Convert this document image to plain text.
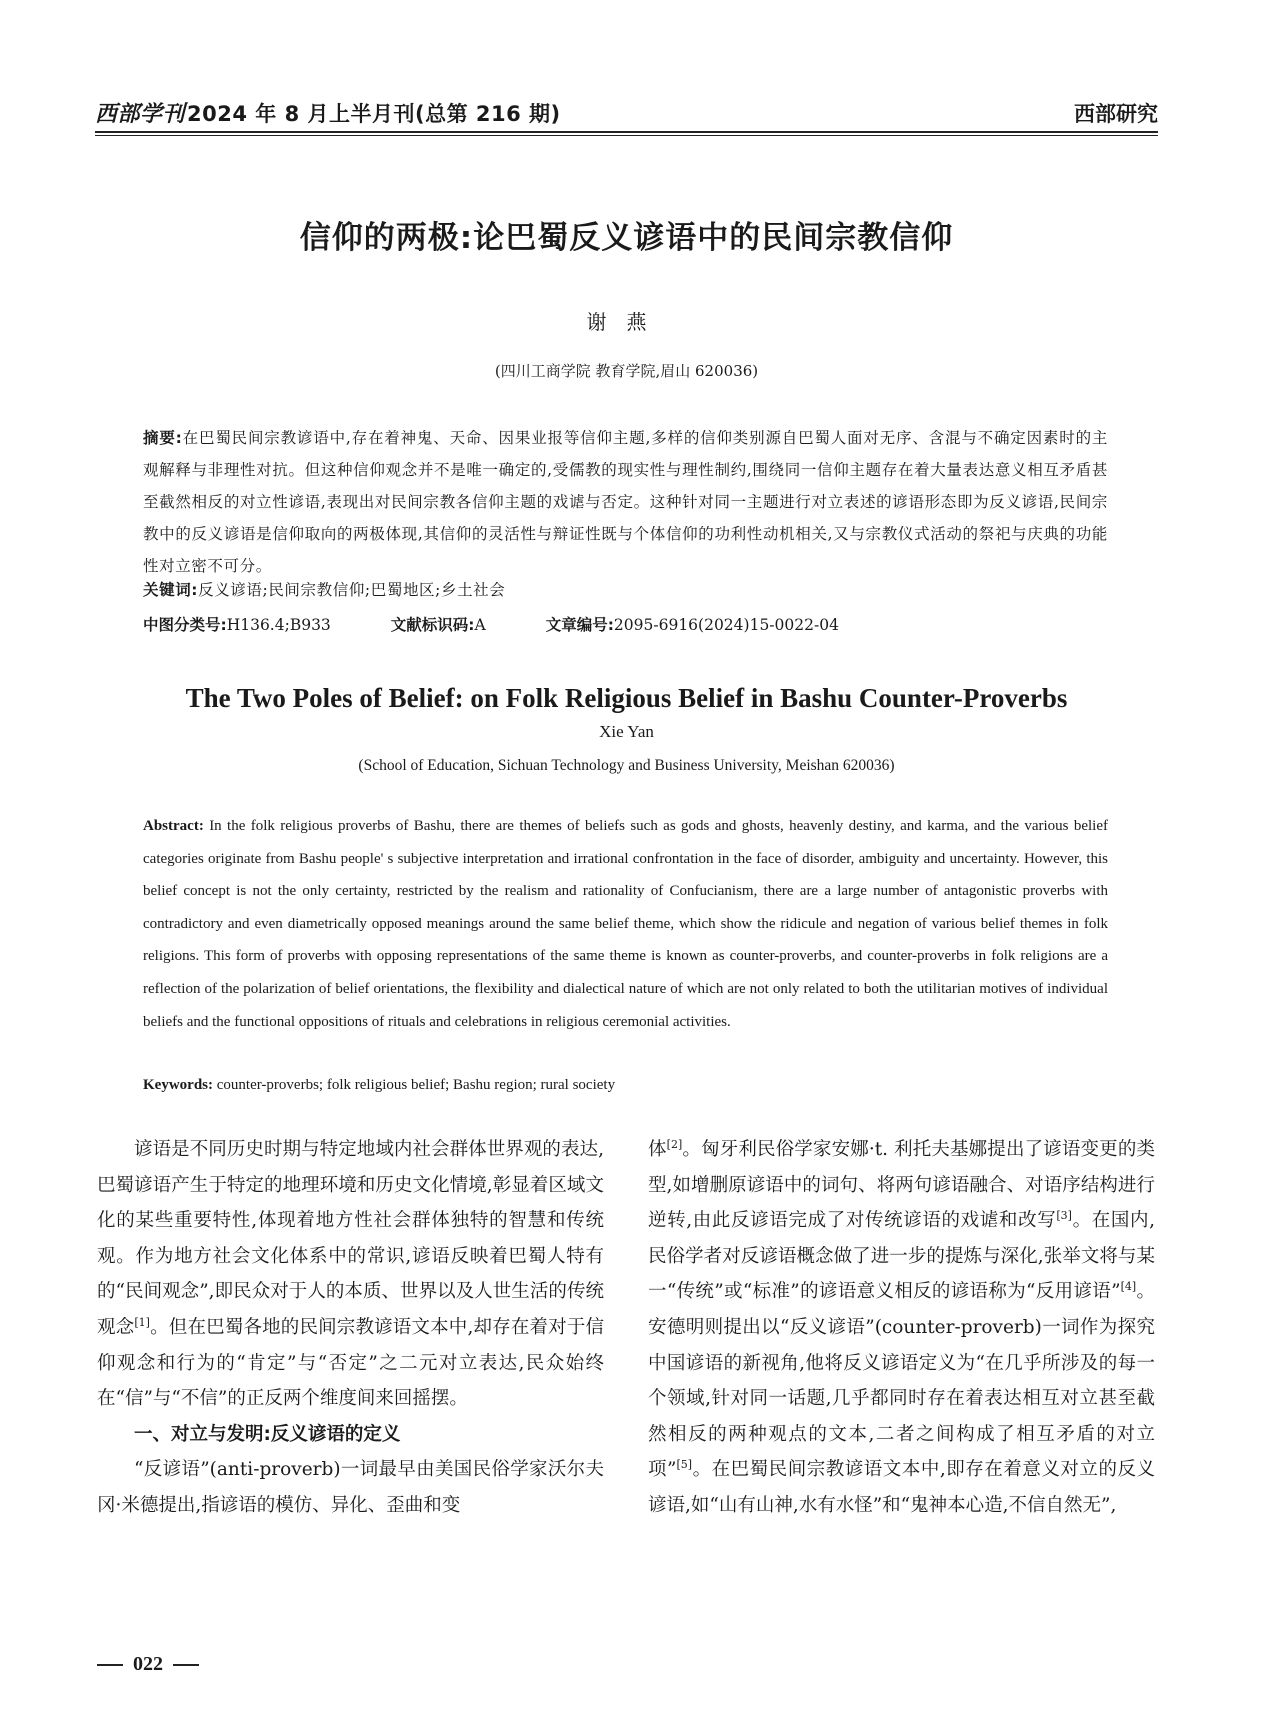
西部学刊 2024 年 8 月上半月刊(总第 216 期)	西部研究
信仰的两极:论巴蜀反义谚语中的民间宗教信仰
谢燕
(四川工商学院 教育学院,眉山 620036)
摘要:在巴蜀民间宗教谚语中,存在着神鬼、天命、因果业报等信仰主题,多样的信仰类别源自巴蜀人面对无序、含混与不确定因素时的主观解释与非理性对抗。但这种信仰观念并不是唯一确定的,受儒教的现实性与理性制约,围绕同一信仰主题存在着大量表达意义相互矛盾甚至截然相反的对立性谚语,表现出对民间宗教各信仰主题的戏谑与否定。这种针对同一主题进行对立表述的谚语形态即为反义谚语,民间宗教中的反义谚语是信仰取向的两极体现,其信仰的灵活性与辩证性既与个体信仰的功利性动机相关,又与宗教仪式活动的祭祀与庆典的功能性对立密不可分。
关键词:反义谚语;民间宗教信仰;巴蜀地区;乡土社会
中图分类号:H136.4;B933	文献标识码:A	文章编号:2095-6916(2024)15-0022-04
The Two Poles of Belief: on Folk Religious Belief in Bashu Counter-Proverbs
Xie Yan
(School of Education, Sichuan Technology and Business University, Meishan 620036)
Abstract: In the folk religious proverbs of Bashu, there are themes of beliefs such as gods and ghosts, heavenly destiny, and karma, and the various belief categories originate from Bashu people' s subjective interpretation and irrational confrontation in the face of disorder, ambiguity and uncertainty. However, this belief concept is not the only certainty, restricted by the realism and rationality of Confucianism, there are a large number of antagonistic proverbs with contradictory and even diametrically opposed meanings around the same belief theme, which show the ridicule and negation of various belief themes in folk religions. This form of proverbs with opposing representations of the same theme is known as counter-proverbs, and counter-proverbs in folk religions are a reflection of the polarization of belief orientations, the flexibility and dialectical nature of which are not only related to both the utilitarian motives of individual beliefs and the functional oppositions of rituals and celebrations in religious ceremonial activities.
Keywords: counter-proverbs; folk religious belief; Bashu region; rural society

谚语是不同历史时期与特定地域内社会群体世界观的表达,巴蜀谚语产生于特定的地理环境和历史文化情境,彰显着区域文化的某些重要特性,体现着地方性社会群体独特的智慧和传统观。作为地方社会文化体系中的常识,谚语反映着巴蜀人特有的“民间观念”,即民众对于人的本质、世界以及人世生活的传统观念[1]。但在巴蜀各地的民间宗教谚语文本中,却存在着对于信仰观念和行为的“肯定”与“否定”之二元对立表达,民众始终在“信”与“不信”的正反两个维度间来回摇摆。

一、对立与发明:反义谚语的定义

“反谚语”(anti-proverb)一词最早由美国民俗学家沃尔夫冈·米德提出,指谚语的模仿、异化、歪曲和变

体[2]。匈牙利民俗学家安娜·t. 利托夫基娜提出了谚语变更的类型,如增删原谚语中的词句、将两句谚语融合、对语序结构进行逆转,由此反谚语完成了对传统谚语的戏谑和改写[3]。在国内,民俗学者对反谚语概念做了进一步的提炼与深化,张举文将与某一“传统”或“标准”的谚语意义相反的谚语称为“反用谚语”[4]。安德明则提出以“反义谚语”(counter-proverb)一词作为探究中国谚语的新视角,他将反义谚语定义为“在几乎所涉及的每一个领域,针对同一话题,几乎都同时存在着表达相互对立甚至截然相反的两种观点的文本,二者之间构成了相互矛盾的对立项”[5]。在巴蜀民间宗教谚语文本中,即存在着意义对立的反义谚语,如“山有山神,水有水怪”和“鬼神本心造,不信自然无”,

022
